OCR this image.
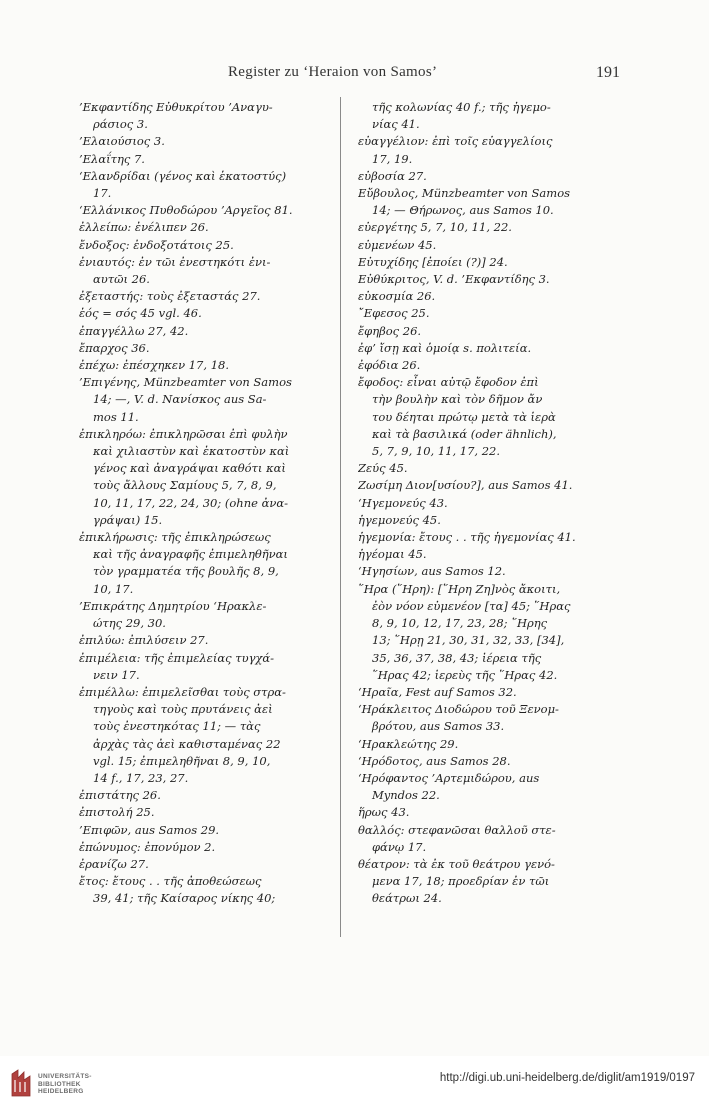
Register zu ‘Heraion von Samos’	191
’Εκφαντίδης Εὐθυκρίτου ’Αναγυ-
ράσιος 3.
’Ελαιούσιος 3.
’Ελαΐτης 7.
‘Ελανδρίδαι (γένος καὶ ἑκατοστύς)
17.
‘Ελλάνικος Πυθοδώρου ’Αργεῖος 81.
ἐλλείπω: ἐνέλιπεν 26.
ἔνδοξος: ἐνδοξοτάτοις 25.
ἐνιαυτός: ἐν τῶι ἐνεστηκότι ἐνι-
αυτῶι 26.
ἐξεταστής: τοὺς ἐξεταστάς 27.
ἑός = σός 45 vgl. 46.
ἐπαγγέλλω 27, 42.
ἔπαρχος 36.
ἐπέχω: ἐπέσχηκεν 17, 18.
’Επιγένης, Münzbeamter von Samos
14; —, V. d. Νανίσκος aus Sa-
mos 11.
ἐπικληρόω: ἐπικληρῶσαι ἐπὶ φυλὴν
καὶ χιλιαστὺν καὶ ἑκατοστὺν καὶ
γένος καὶ ἀναγράψαι καθότι καὶ
τοὺς ἄλλους Σαμίους 5, 7, 8, 9,
10, 11, 17, 22, 24, 30; (ohne ἀνα-
γράψαι) 15.
ἐπικλήρωσις: τῆς ἐπικληρώσεως
καὶ τῆς ἀναγραφῆς ἐπιμεληθῆναι
τὸν γραμματέα τῆς βουλῆς 8, 9,
10, 17.
’Επικράτης Δημητρίου ‘Ηρακλε-
ώτης 29, 30.
ἐπιλύω: ἐπιλύσειν 27.
ἐπιμέλεια: τῆς ἐπιμελείας τυγχά-
νειν 17.
ἐπιμέλλω: ἐπιμελεῖσθαι τοὺς στρα-
τηγοὺς καὶ τοὺς πρυτάνεις ἀεὶ
τοὺς ἐνεστηκότας 11; — τὰς
ἀρχὰς τὰς ἀεὶ καθισταμένας 22
vgl. 15; ἐπιμεληθῆναι 8, 9, 10,
14 f., 17, 23, 27.
ἐπιστάτης 26.
ἐπιστολή 25.
’Επιφῶν, aus Samos 29.
ἐπώνυμος: ἐπονύμον 2.
ἐρανίζω 27.
ἔτος: ἔτους . . τῆς ἀποθεώσεως
39, 41; τῆς Καίσαρος νίκης 40;
τῆς κολωνίας 40 f.; τῆς ἡγεμο-
νίας 41.
εὐαγγέλιον: ἐπὶ τοῖς εὐαγγελίοις
17, 19.
εὐβοσία 27.
Εὔβουλος, Münzbeamter von Samos
14; — Θήρωνος, aus Samos 10.
εὐεργέτης 5, 7, 10, 11, 22.
εὐμενέων 45.
Εὐτυχίδης [ἐποίει (?)] 24.
Εὐθύκριτος, V. d. ’Εκφαντίδης 3.
εὐκοσμία 26.
῎Εφεσος 25.
ἔφηβος 26.
ἐφ’ ἴσῃ καὶ ὁμοίᾳ s. πολιτεία.
ἐφόδια 26.
ἔφοδος: εἶναι αὐτῷ ἔφοδον ἐπὶ
τὴν βουλὴν καὶ τὸν δῆμον ἄν
του δέηται πρώτῳ μετὰ τὰ ἱερὰ
καὶ τὰ βασιλικά (oder ähnlich),
5, 7, 9, 10, 11, 17, 22.
Ζεύς 45.
Ζωσίμη Διον[υσίου?], aus Samos 41.
‘Ηγεμονεύς 43.
ἡγεμονεύς 45.
ἡγεμονία: ἔτους . . τῆς ἡγεμονίας 41.
ἡγέομαι 45.
‘Ηγησίων, aus Samos 12.
῞Ηρα (῞Ηρη): [῞Ηρη Ζη]νὸς ἄκοιτι,
ἐὸν νόον εὐμενέον [τα] 45; ῞Ηρας
8, 9, 10, 12, 17, 23, 28; ῞Ηρης
13; ῞Ηρῃ 21, 30, 31, 32, 33, [34],
35, 36, 37, 38, 43; ἱέρεια τῆς
῞Ηρας 42; ἱερεὺς τῆς ῞Ηρας 42.
‘Ηραῖα, Fest auf Samos 32.
‘Ηράκλειτος Διοδώρου τοῦ Ξενομ-
βρότου, aus Samos 33.
‘Ηρακλεώτης 29.
‘Ηρόδοτος, aus Samos 28.
‘Ηρόφαντος ’Αρτεμιδώρου, aus
Myndos 22.
ἥρως 43.
θαλλός: στεφανῶσαι θαλλοῦ στε-
φάνῳ 17.
θέατρον: τὰ ἐκ τοῦ θεάτρου γενό-
μενα 17, 18; προεδρίαν ἐν τῶι
θεάτρωι 24.
UNIVERSITÄTS-
BIBLIOTHEK
HEIDELBERG
http://digi.ub.uni-heidelberg.de/diglit/am1919/0197
